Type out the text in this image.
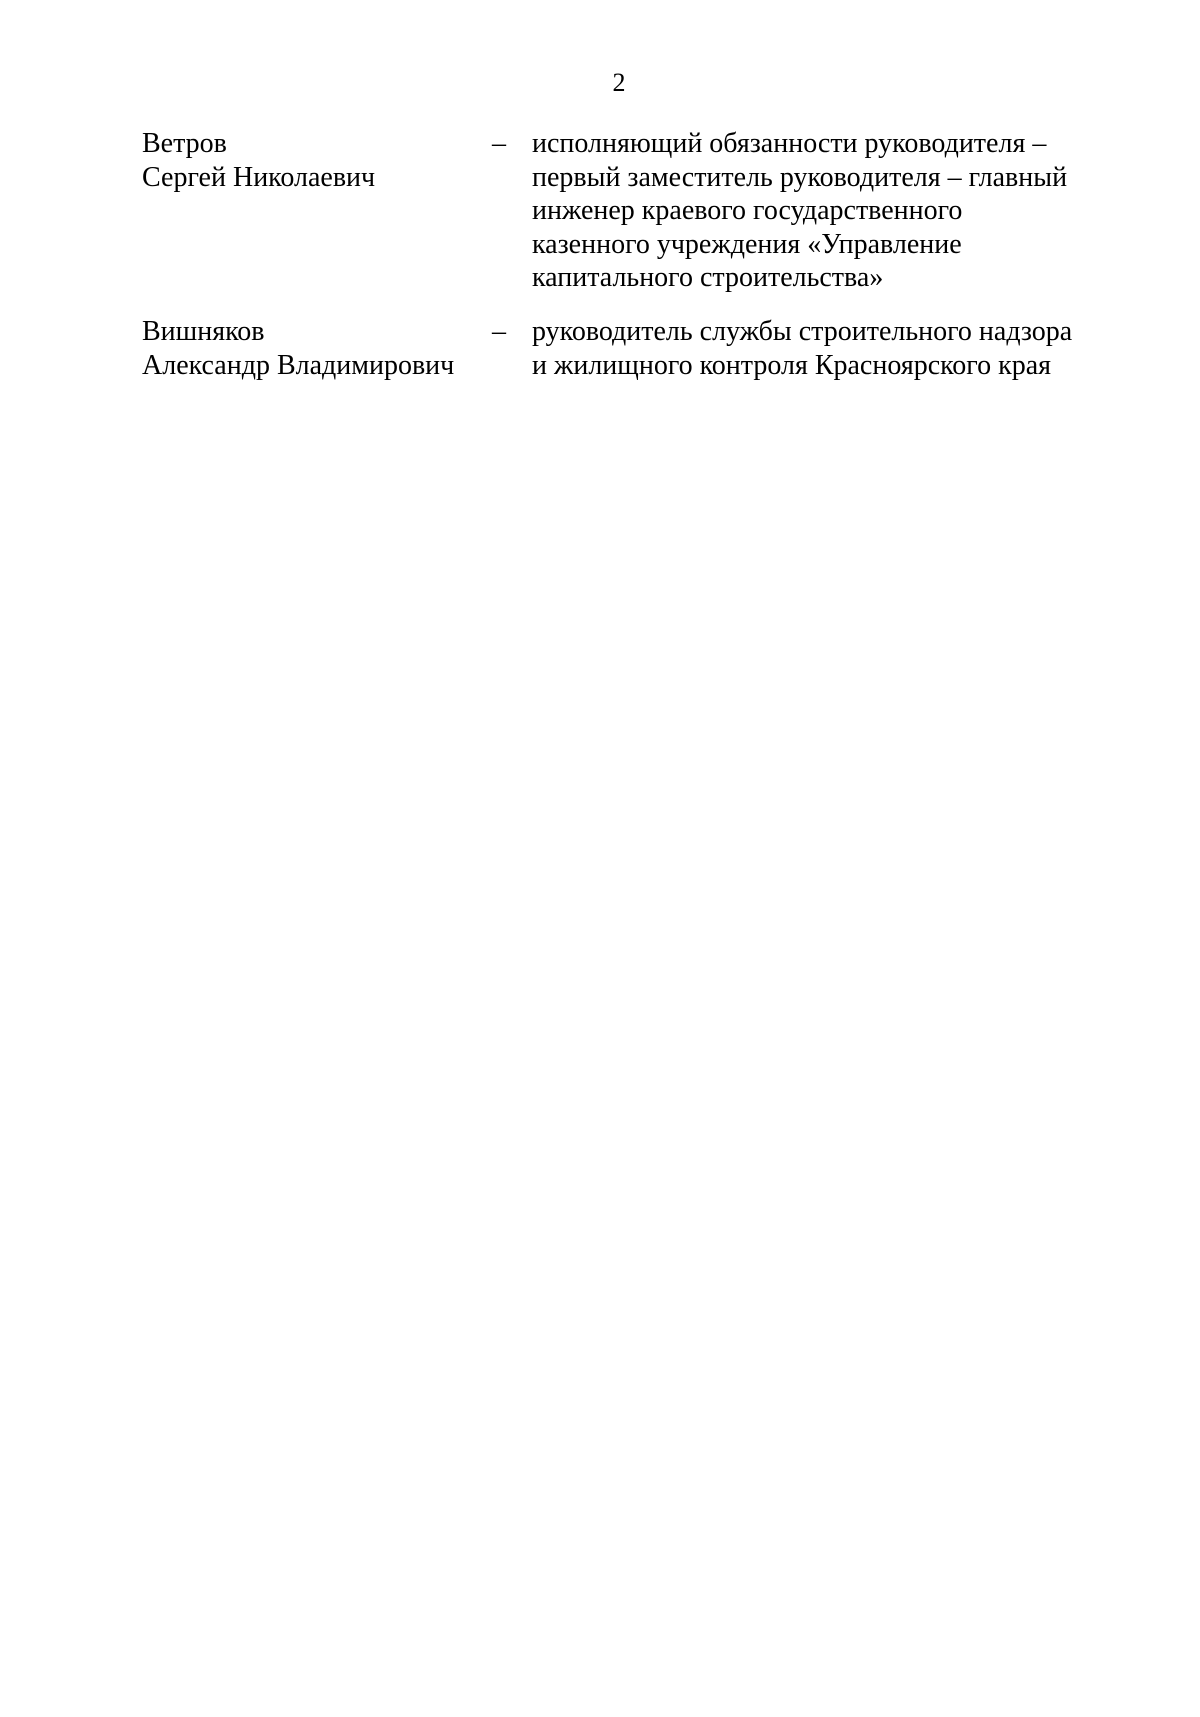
2
Ветров
Сергей Николаевич
– исполняющий обязанности руководителя –
первый заместитель руководителя – главный
инженер краевого государственного
казенного учреждения «Управление
капитального строительства»
Вишняков
Александр Владимирович
– руководитель службы строительного надзора
и жилищного контроля Красноярского края
